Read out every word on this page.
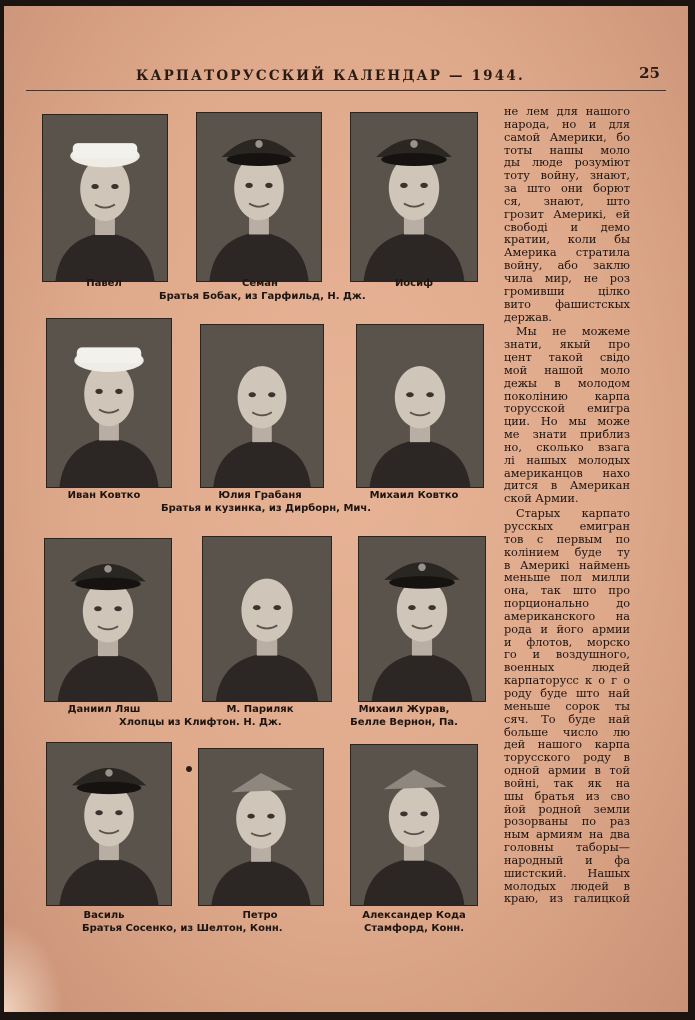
КАРПАТОРУССКИЙ КАЛЕНДАР — 1944.	25
Павел	Семан	Иосиф
Братья Бобак, из Гарфильд, Н. Дж.
Иван Ковтко	Юлия Грабаня	Михаил Ковтко
Братья и кузинка, из Дирборн, Мич.
Даниил Ляш	М. Париляк	Михаил Журав,
Белле Вернон, Па.
Хлопцы из Клифтон. Н. Дж.
Василь	Петро	Александер Кода
Стамфорд, Конн.
Братья Сосенко, из Шелтон, Конн.

не лем для нашого

народа, но и для

самой Америки, бо

тоты нашы моло

ды люде розуміют

тоту войну, знают,

за што они борют

ся, знают, што

грозит Америкі, ей

свободі и демо

кратии, коли бы

Америка стратила

войну, або заклю

чила мир, не роз

громивши цілко

вито фашистскых

держав.

Мы не можеме

знати, якый про

цент такой свідо

мой нашой моло

дежы в молодом

поколінию карпа

торусской емигра

ции. Но мы може

ме знати приблиз

но, сколько взага

лі нашых молодых

американцов нахо

дится в Американ

ской Армии.

Старых карпато

русскых емигран

тов с первым по

колінием буде ту

в Америкі наймень

меньше пол милли

она, так што про

порционально до

американского на

рода и його армии

и флотов, морско

го и воздушного,

военных людей

карпаторусс к о г о

роду буде што най

меньше сорок ты

сяч. То буде най

больше число лю

дей нашого карпа

торусского роду в

одной армии в той

войні, так як на

шы братья из сво

йой родной земли

розорваны по раз

ным армиям на два

головны таборы—

народный и фа

шистский. Нашых

молодых людей в

краю, из галицкой
